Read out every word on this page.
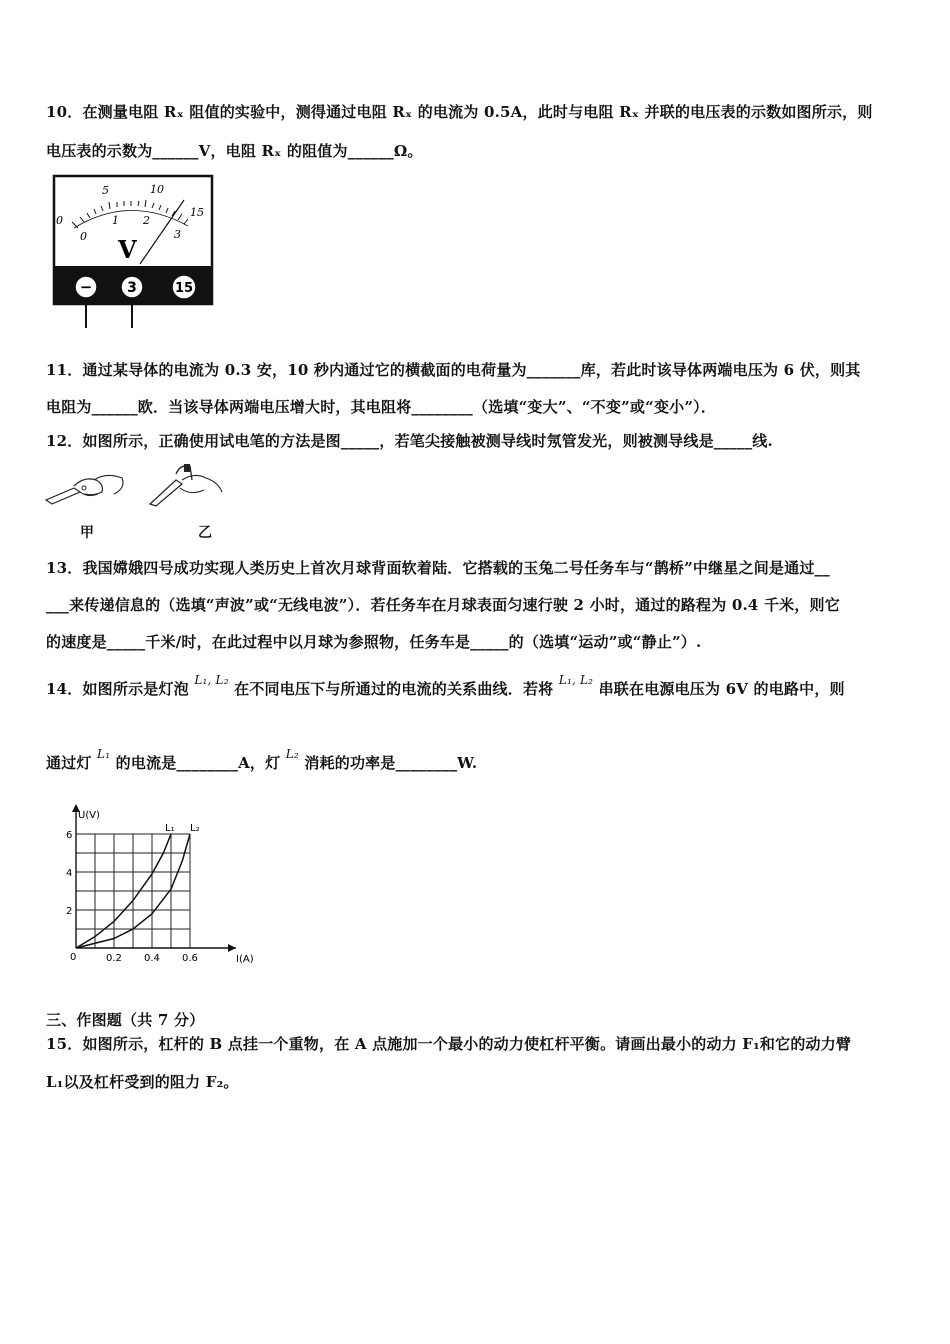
10．在测量电阻 Rₓ 阻值的实验中，测得通过电阻 Rₓ 的电流为 0.5A，此时与电阻 Rₓ 并联的电压表的示数如图所示，则
电压表的示数为______V，电阻 Rₓ 的阻值为______Ω。
0
5	10
15
0
1 2
3
V
− 3	15
11．通过某导体的电流为 0.3 安，10 秒内通过它的横截面的电荷量为_______库，若此时该导体两端电压为 6 伏，则其
电阻为______欧．当该导体两端电压增大时，其电阻将________（选填“变大”、“不变”或“变小”）．
12．如图所示，正确使用试电笔的方法是图_____，若笔尖接触被测导线时氖管发光，则被测导线是_____线.
甲	乙
13．我国嫦娥四号成功实现人类历史上首次月球背面软着陆．它搭载的玉兔二号任务车与“鹊桥”中继星之间是通过__
___来传递信息的（选填“声波”或“无线电波”）．若任务车在月球表面匀速行驶 2 小时，通过的路程为 0.4 千米，则它
的速度是_____千米/时，在此过程中以月球为参照物，任务车是_____的（选填“运动”或“静止”）.
14．如图所示是灯泡 $^{L_1, L_2}$ 在不同电压下与所通过的电流的关系曲线．若将 $^{L_1, L_2}$ 串联在电源电压为 6V 的电路中，则
通过灯 $^{L_1}$ 的电流是________A，灯 $^{L_2}$ 消耗的功率是________W.
U(V)
I(A)
0	0.2 0.4 0.6
2
4
6
L₁ L₂
三、作图题（共 7 分）
15．如图所示，杠杆的 B 点挂一个重物，在 A 点施加一个最小的动力使杠杆平衡。请画出最小的动力 F₁和它的动力臂
L₁以及杠杆受到的阻力 F₂。
